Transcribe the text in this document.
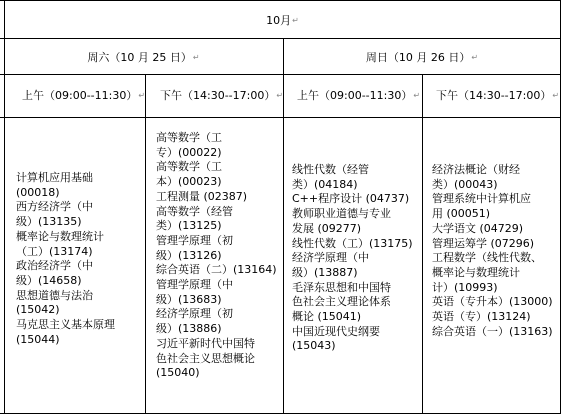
10月↵
周六（10 月 25 日）↵	周日（10 月 26 日）↵
上午（09:00--11:30）↵ 下午（14:30--17:00）↵ 上午（09:00--11:30）↵ 下午（14:30--17:00）↵
计算机应用基础
(00018)
西方经济学（中
级）(13135)
概率论与数理统计
（工）(13174)
政治经济学（中
级）(14658)
思想道德与法治
(15042)
马克思主义基本原理
(15044)
高等数学（工
专）(00022)
高等数学（工
本）(00023)
工程测量 (02387)
高等数学（经管
类）(13125)
管理学原理（初
级）(13126)
综合英语（二）(13164)
管理学原理（中
级）(13683)
经济学原理（初
级）(13886)
习近平新时代中国特
色社会主义思想概论
(15040)
线性代数（经管
类）(04184)
C++程序设计 (04737)
教师职业道德与专业
发展 (09277)
线性代数（工）(13175)
经济学原理（中
级）(13887)
毛泽东思想和中国特
色社会主义理论体系
概论 (15041)
中国近现代史纲要
(15043)
经济法概论（财经
类）(00043)
管理系统中计算机应
用 (00051)
大学语文 (04729)
管理运筹学 (07296)
工程数学（线性代数、
概率论与数理统计
计）(10993)
英语（专升本）(13000)
英语（专）(13124)
综合英语（一）(13163)
